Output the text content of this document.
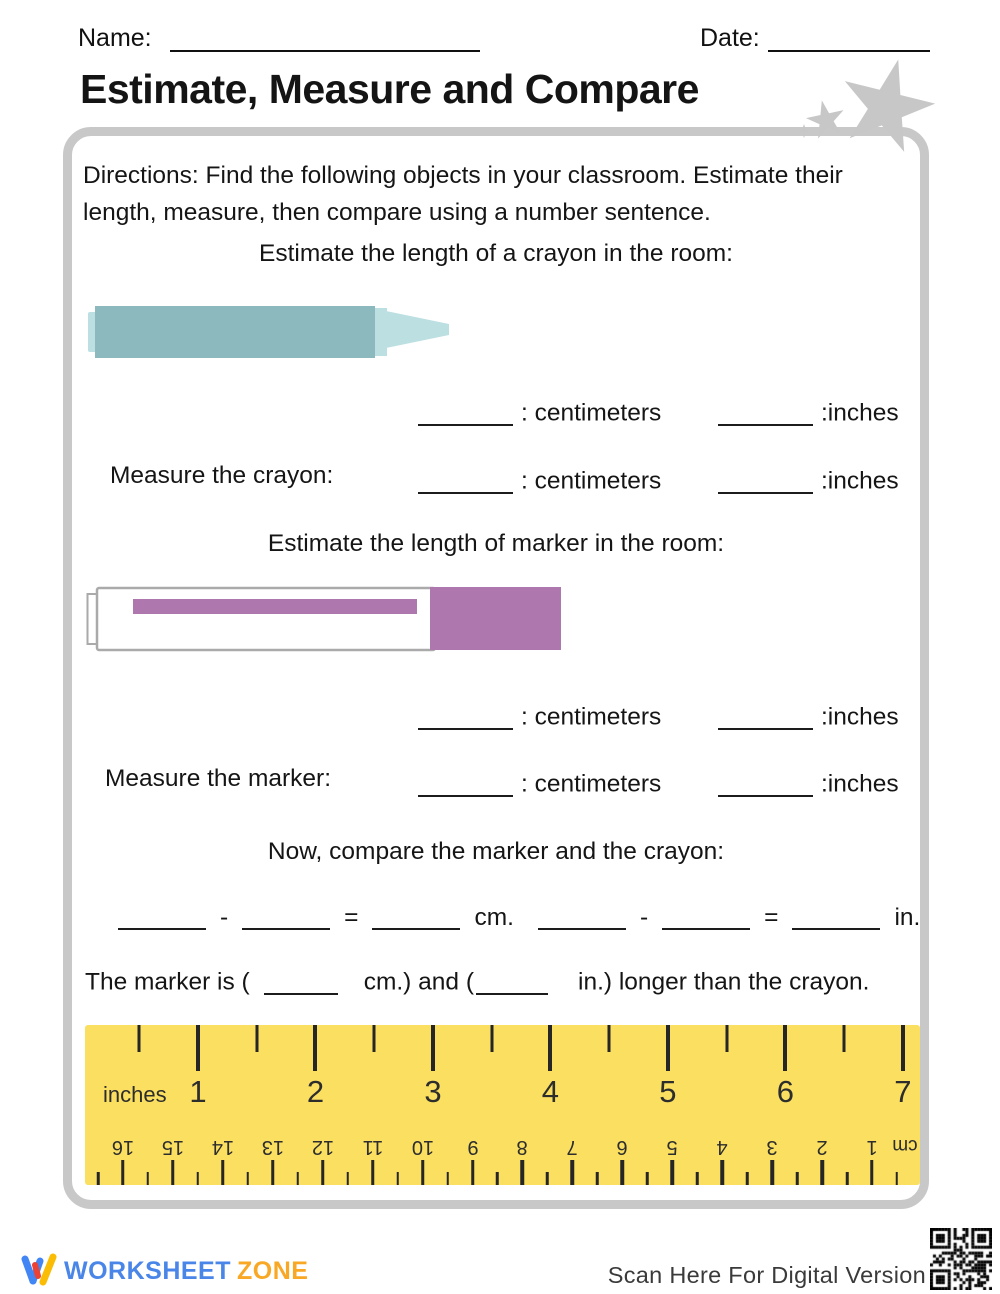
Name:	Date:
Estimate, Measure and Compare
Directions: Find the following objects in your classroom. Estimate their length, measure, then compare using a number sentence.
Estimate the length of a crayon in the room:
: centimeters	:inches
Measure the crayon:	: centimeters	:inches
Estimate the length of marker in the room:
: centimeters	:inches
Measure the marker:	: centimeters	:inches
Now, compare the marker and the crayon:
-	=	cm.	-	=	in.
The marker is (	cm.) and (	in.) longer than the crayon.
inches
cm
1	2	3	4	5	6	7
16 15 14 13 12 11 10 9 8 7 6 5 4 3 2 1
WORKSHEET ZONE	Scan Here For Digital Version
